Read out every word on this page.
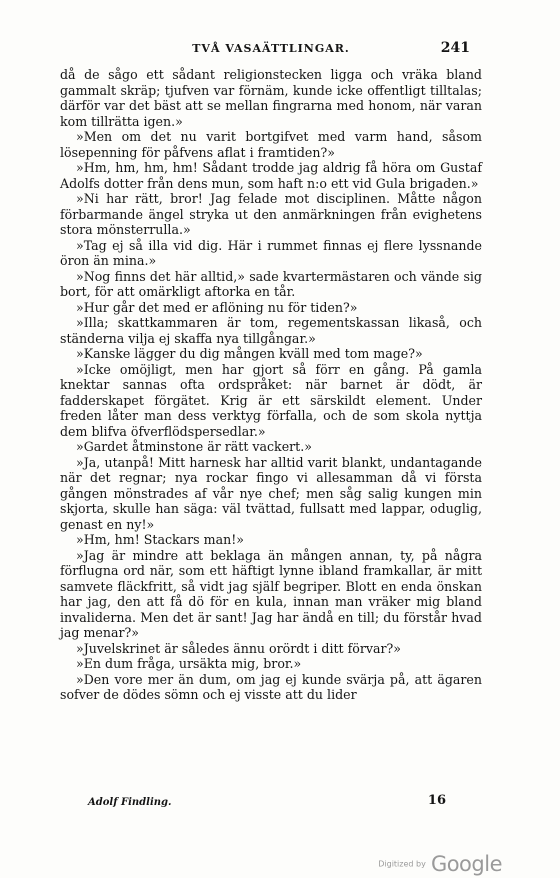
TVÅ VASAÄTTLINGAR.	241

då de sågo ett sådant religionstecken ligga och vräka bland gammalt skräp; tjufven var förnäm, kunde icke offentligt tilltalas; därför var det bäst att se mellan fingrarna med honom, när varan kom tillrätta igen.»

»Men om det nu varit bortgifvet med varm hand, såsom lösepenning för påfvens aflat i framtiden?»

»Hm, hm, hm, hm! Sådant trodde jag aldrig få höra om Gustaf Adolfs dotter från dens mun, som haft n:o ett vid Gula brigaden.»

»Ni har rätt, bror! Jag felade mot disciplinen. Måtte någon förbarmande ängel stryka ut den anmärkningen från evighetens stora mönsterrulla.»

»Tag ej så illa vid dig. Här i rummet finnas ej flere lyssnande öron än mina.»

»Nog finns det här alltid,» sade kvartermästaren och vände sig bort, för att omärkligt aftorka en tår.

»Hur går det med er aflöning nu för tiden?»

»Illa; skattkammaren är tom, regementskassan likaså, och ständerna vilja ej skaffa nya tillgångar.»

»Kanske lägger du dig mången kväll med tom mage?»

»Icke omöjligt, men har gjort så förr en gång. På gamla knektar sannas ofta ordspråket: när barnet är dödt, är fadderskapet förgätet. Krig är ett särskildt element. Under freden låter man dess verktyg förfalla, och de som skola nyttja dem blifva öfverflödspersedlar.»

»Gardet åtminstone är rätt vackert.»

»Ja, utanpå! Mitt harnesk har alltid varit blankt, undantagande när det regnar; nya rockar fingo vi allesamman då vi första gången mönstrades af vår nye chef; men såg salig kungen min skjorta, skulle han säga: väl tvättad, fullsatt med lappar, oduglig, genast en ny!»

»Hm, hm! Stackars man!»

»Jag är mindre att beklaga än mången annan, ty, på några förflugna ord när, som ett häftigt lynne ibland framkallar, är mitt samvete fläckfritt, så vidt jag själf begriper. Blott en enda önskan har jag, den att få dö för en kula, innan man vräker mig bland invaliderna. Men det är sant! Jag har ändå en till; du förstår hvad jag menar?»

»Juvelskrinet är således ännu orördt i ditt förvar?»

»En dum fråga, ursäkta mig, bror.»

»Den vore mer än dum, om jag ej kunde svärja på, att ägaren sofver de dödes sömn och ej visste att du lider

Adolf Findling.	16
Digitized by Google
